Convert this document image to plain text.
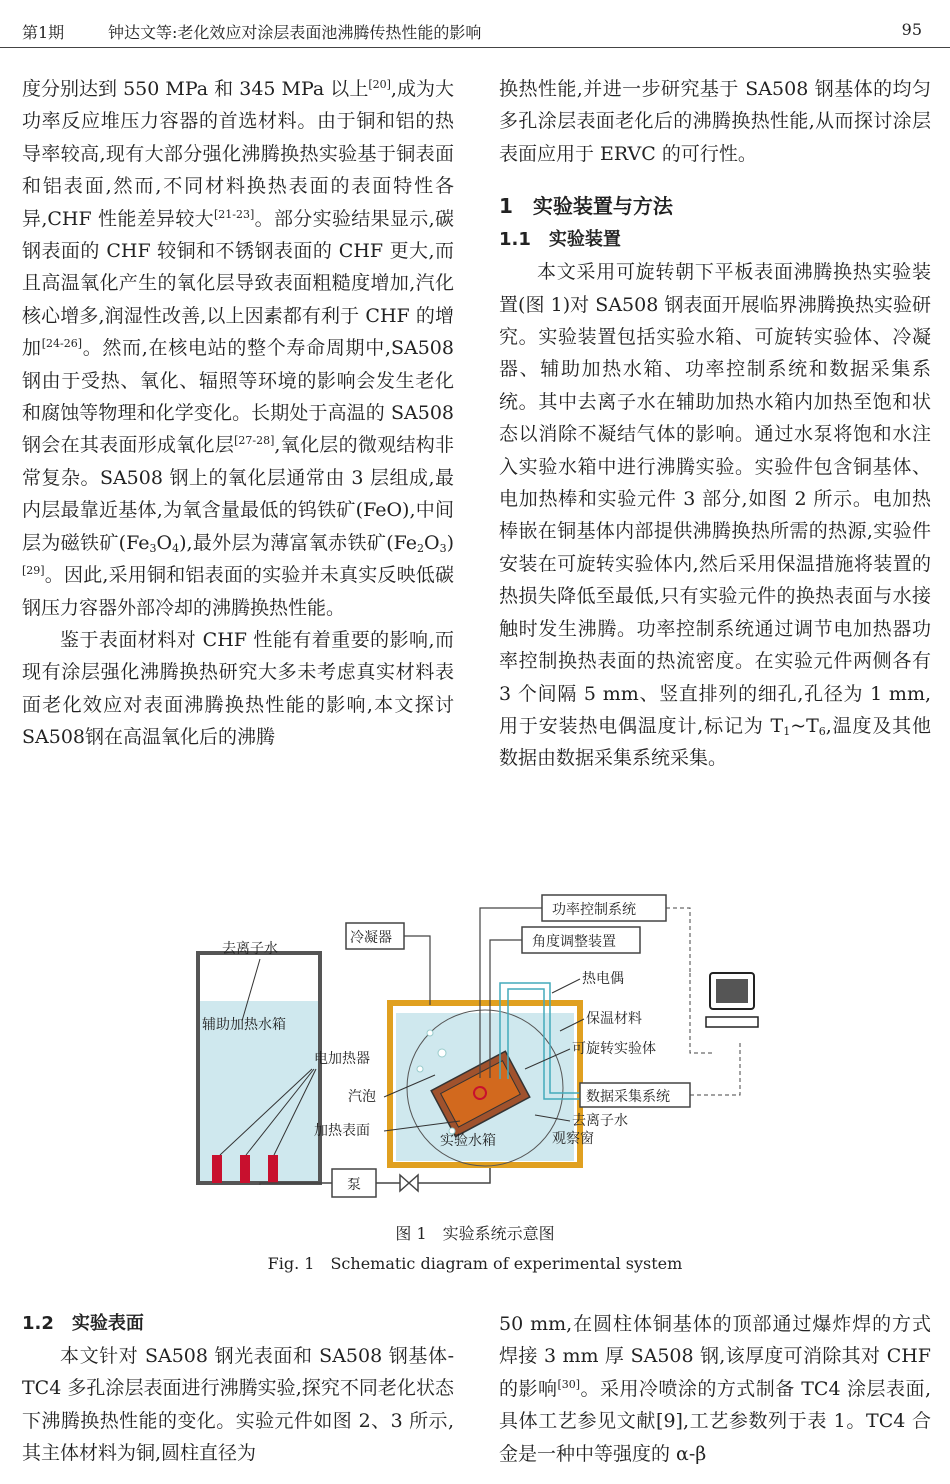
第1期	钟达文等:老化效应对涂层表面池沸腾传热性能的影响	95

度分别达到 550 MPa 和 345 MPa 以上[20],成为大功率反应堆压力容器的首选材料。由于铜和铝的热导率较高,现有大部分强化沸腾换热实验基于铜表面和铝表面,然而,不同材料换热表面的表面特性各异,CHF 性能差异较大[21-23]。部分实验结果显示,碳钢表面的 CHF 较铜和不锈钢表面的 CHF 更大,而且高温氧化产生的氧化层导致表面粗糙度增加,汽化核心增多,润湿性改善,以上因素都有利于 CHF 的增加[24-26]。然而,在核电站的整个寿命周期中,SA508 钢由于受热、氧化、辐照等环境的影响会发生老化和腐蚀等物理和化学变化。长期处于高温的 SA508 钢会在其表面形成氧化层[27-28],氧化层的微观结构非常复杂。SA508 钢上的氧化层通常由 3 层组成,最内层最靠近基体,为氧含量最低的钨铁矿(FeO),中间层为磁铁矿$(Fe_3O_4)$,最外层为薄富氧赤铁矿$(Fe_2O_3)[29]$。因此,采用铜和铝表面的实验并未真实反映低碳钢压力容器外部冷却的沸腾换热性能。

鉴于表面材料对 CHF 性能有着重要的影响,而现有涂层强化沸腾换热研究大多未考虑真实材料表面老化效应对表面沸腾换热性能的影响,本文探讨SA508钢在高温氧化后的沸腾

换热性能,并进一步研究基于 SA508 钢基体的均匀多孔涂层表面老化后的沸腾换热性能,从而探讨涂层表面应用于 ERVC 的可行性。

1　实验装置与方法
1.1　实验装置

本文采用可旋转朝下平板表面沸腾换热实验装置(图 1)对 SA508 钢表面开展临界沸腾换热实验研究。实验装置包括实验水箱、可旋转实验体、冷凝器、辅助加热水箱、功率控制系统和数据采集系统。其中去离子水在辅助加热水箱内加热至饱和状态以消除不凝结气体的影响。通过水泵将饱和水注入实验水箱中进行沸腾实验。实验件包含铜基体、电加热棒和实验元件 3 部分,如图 2 所示。电加热棒嵌在铜基体内部提供沸腾换热所需的热源,实验件安装在可旋转实验体内,然后采用保温措施将装置的热损失降低至最低,只有实验元件的换热表面与水接触时发生沸腾。功率控制系统通过调节电加热器功率控制换热表面的热流密度。在实验元件两侧各有 3 个间隔 5 mm、竖直排列的细孔,孔径为 1 mm,用于安装热电偶温度计,标记为 $T_1\sim T_6$,温度及其他数据由数据采集系统采集。

去离子水
辅助加热水箱
电加热器
泵
汽泡
加热表面
实验水箱
去离子水
观察窗
冷凝器
功率控制系统
角度调整装置
热电偶
保温材料
可旋转实验体
数据采集系统
图 1　实验系统示意图
Fig. 1　Schematic diagram of experimental system
1.2　实验表面

本文针对 SA508 钢光表面和 SA508 钢基体-TC4 多孔涂层表面进行沸腾实验,探究不同老化状态下沸腾换热性能的变化。实验元件如图 2、3 所示,其主体材料为铜,圆柱直径为

50 mm,在圆柱体铜基体的顶部通过爆炸焊的方式焊接 3 mm 厚 SA508 钢,该厚度可消除其对 CHF 的影响[30]。采用冷喷涂的方式制备 TC4 涂层表面,具体工艺参见文献[9],工艺参数列于表 1。TC4 合金是一种中等强度的 α-β
